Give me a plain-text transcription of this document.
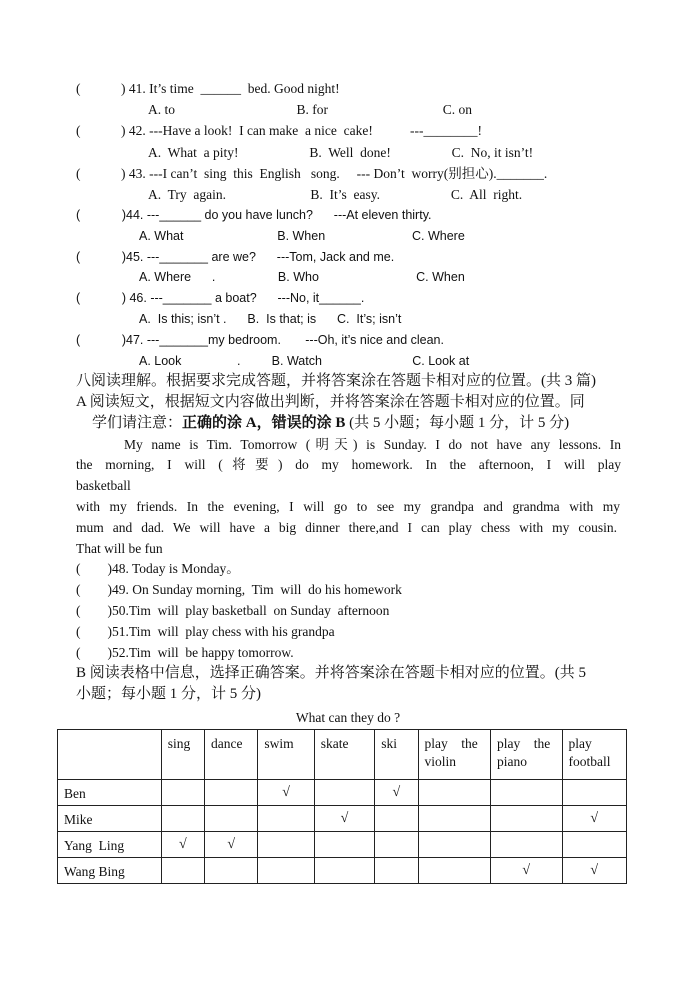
(            ) 41. It’s time  ______  bed. Good night!
A. to                                    B. for                                  C. on
(            ) 42. ---Have a look!  I can make  a nice  cake!           ---________!
A.  What  a pity!                     B.  Well  done!                  C.  No, it isn’t!
(            ) 43. ---I can’t  sing  this  English   song.     --- Don’t  worry(别担心)._______.
A.  Try  again.                         B.  It’s  easy.                     C.  All  right.
(            )44. ---______ do you have lunch?      ---At eleven thirty.
A. What                           B. When                         C. Where
(            )45. ---_______ are we?      ---Tom, Jack and me.
A. Where      .                  B. Who                            C. When
(            ) 46. ---_______ a boat?      ---No, it______.
A.  Is this; isn’t .      B.  Is that; is      C.  It’s; isn’t
(            )47. ---_______my bedroom.       ---Oh, it’s nice and clean.
A. Look                .         B. Watch                          C. Look at
八阅读理解。根据要求完成答题，并将答案涂在答题卡相对应的位置。(共 3 篇)
A 阅读短文，根据短文内容做出判断，并将答案涂在答题卡相对应的位置。同
学们请注意：正确的涂 A，错误的涂 B (共 5 小题；每小题 1 分，计 5 分)
My name is Tim. Tomorrow (明天) is Sunday. I do not have any lessons. In
the morning, I will (将要) do my homework. In the afternoon, I will play
basketball
with my friends. In the evening, I will go to see my grandpa and grandma with my
mum and dad. We will have a big dinner there,and I can play chess with my cousin.
That will be fun
(        )48. Today is Monday。
(        )49. On Sunday morning,  Tim  will  do his homework
(        )50.Tim  will  play basketball  on Sunday  afternoon
(        )51.Tim  will  play chess with his grandpa
(        )52.Tim  will  be happy tomorrow.
B 阅读表格中信息，选择正确答案。并将答案涂在答题卡相对应的位置。(共 5
小题；每小题 1 分，计 5 分)
What can they do ?
	sing	dance	swim	skate	ski	play    the violin	play    the piano	play football
Ben			√		√			

Mike				√				√

Yang  Ling	√	√						

Wang Bing							√	√
